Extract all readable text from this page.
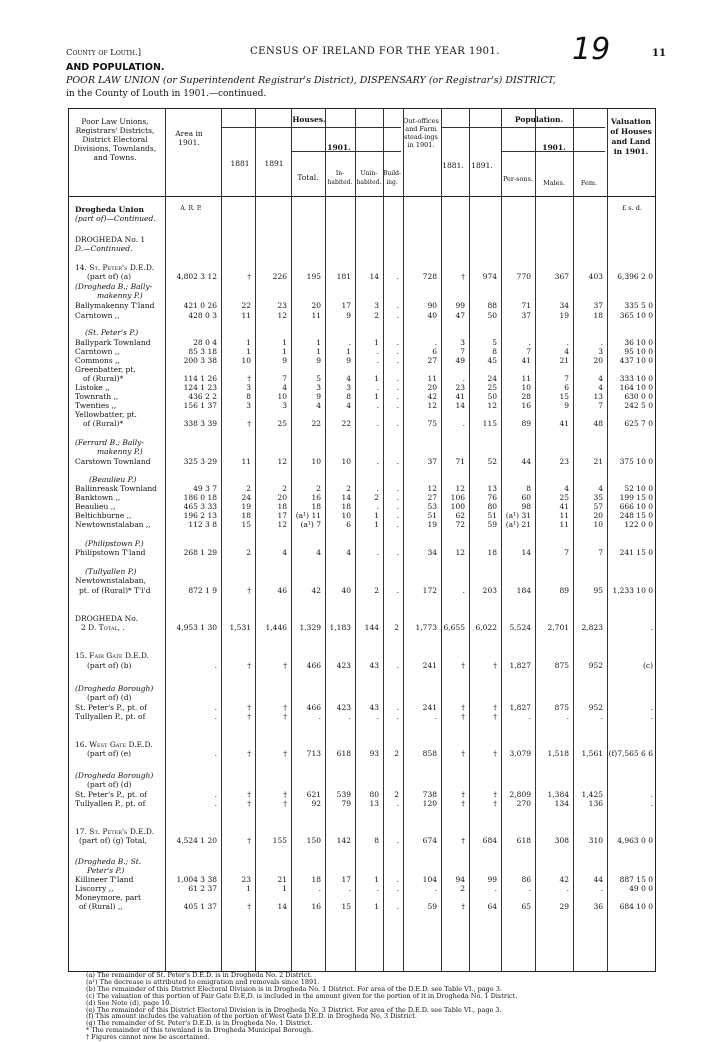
County of Louth.]	CENSUS OF IRELAND FOR THE YEAR 1901. 19	11
AND POPULATION.
POOR LAW UNION (or Superintendent Registrar's District), DISPENSARY (or Registrar's) DISTRICT,
in the County of Louth in 1901.—continued.
Poor Law Unions, Registrars' Districts, District Electoral Divisions, Townlands, and Towns.
Area in 1901.
Houses.
1881	1891
1901.
Total.	In-habited.
Unin-habited.
Build-ing.
Out-offices and Farm stead-ings in 1901.
Population.
1881.	1891.
1901.
Per-sons.	Males.	Fem.
Valuation of Houses and Land in 1901.
A. R. P.	£ s. d.
Drogheda Union
(part of)—Continued.
DROGHEDA No. 1
D.—Continued.
14. St. Peter's D.E.D.
(part of) (a)	4,802 3 12	†	226	195	181	14	.	728	†	974	770	367	403	6,396 2 0
(Drogheda B.; Bally-
makenny P.)
Ballymakenny T'land	421 0 26	22	23	20	17	3	.	90	99	88	71	34	37	335 5 0
Carntown ,,	428 0 3	11	12	11	9	2	.	40	47	50	37	19	18	365 10 0
(St. Peter's P.)
Ballypark Townland	28 0 4	1	1	1	.	1	.	.	3	5	.	.	.	36 10 0
Carntown ,,	85 3 18	1	1	1	1	.	.	6	7	8	7	4	3	95 10 0
Commons ,,	200 3 38	10	9	9	9	.	.	27	49	45	41	21	20	437 10 0
Greenbatter, pt.
of (Rural)*	114 1 26	†	7	5	4	1	.	11	.	24	11	7	4	333 10 0
Listoke ,,	124 1 23	3	4	3	3	.	.	20	23	25	10	6	4	164 10 0
Townrath ,,	436 2 2	8	10	9	8	1	.	42	41	50	28	15	13	630 0 0
Twenties ,,	156 1 37	3	3	4	4	.	.	12	14	12	16	9	7	242 5 0
Yellowbatter, pt.
of (Rural)*	338 3 39	†	25	22	22	.	.	75	.	115	89	41	48	625 7 0
(Ferrard B.; Bally-
makenny P.)
Carstown Townland	325 3 29	11	12	10	10	.	.	37	71	52	44	23	21	375 10 0
(Beaulieu P.)
Ballinreask Townland	49 3 7	2	2	2	2	.	.	12	12	13	8	4	4	52 10 0
Banktown ,,	186 0 18	24	20	16	14	2	.	27	106	76	60	25	35	199 15 0
Beaulieu ,,	465 3 33	19	18	18	18	.	.	53	100	80	98	41	57	666 10 0
Beltichburne ,,	196 2 13	18	17	(a¹) 11	10	1	.	51	62	51	(a¹) 31	11	20	248 15 0
Newtownstalaban ,,	112 3 8	15	12	(a¹) 7	6	1	.	19	72	59	(a¹) 21	11	10	122 0 0
(Philipstown P.)
Philipstown T'land	268 1 29	2	4	4	4	.	.	34	12	18	14	7	7	241 15 0
(Tullyallen P.)
Newtownstalaban,
pt. of (Rural)* T'l'd	872 1 9	†	46	42	40	2	.	172	.	203	184	89	95	1,233 10 0
DROGHEDA No.
2 D. Total, .	4,953 1 30	1,531	1,446	1,329	1,183	144	2	1,773 6,655	6,022	5,524	2,701	2,823	.
15. Fair Gate D.E.D.
(part of) (b)	.	†	†	466	423	43	.	241	†	†	1,827	875	952	(c)
(Drogheda Borough)
(part of) (d)
St. Peter's P., pt. of	.	†	†	466	423	43	.	241	†	†	1,827	875	952	.
Tullyallen P., pt. of	.	†	†	.	.	.	.	.	†	†	.	.	.	.
16. West Gate D.E.D.
(part of) (e)	.	†	†	713	618	93	2	858	†	†	3,079	1,518	1,561 (f)7,565 6 6
(Drogheda Borough)
(part of) (d)
St. Peter's P., pt. of	.	†	†	621	539	80	2	738	†	†	2,809	1,384	1,425	.
Tullyallen P., pt. of	.	†	†	92	79	13	.	120	†	†	270	134	136	.
17. St. Peter's D.E.D.
(part of) (g) Total,	4,524 1 20	†	155	150	142	8	.	674	†	684	618	308	310	4,963 0 0
(Drogheda B.; St.
Peter's P.)
Killineer T'land	1,004 3 38	23	21	18	17	1	.	104	94	99	86	42	44	887 15 0
Liscorry ,,	61 2 37	1	1	.	.	.	.	.	2	.	.	.	.	49 0 0
Moneymore, part
of (Rural) ,,	405 1 37	†	14	16	15	1	.	59	†	64	65	29	36	684 10 0
(a) The remainder of St. Peter's D.E.D. is in Drogheda No. 2 District.
(a¹) The decrease is attributed to emigration and removals since 1891.
(b) The remainder of this District Electoral Division is in Drogheda No. 1 District. For area of the D.E.D. see Table VI., page 3.
(c) The valuation of this portion of Fair Gate D.E.D. is included in the amount given for the portion of it in Drogheda No. 1 District.
(d) See Note (d), page 10.
(e) The remainder of this District Electoral Division is in Drogheda No. 3 District. For area of the D.E.D. see Table VI., page 3.
(f) This amount includes the valuation of the portion of West Gate D.E.D. in Drogheda No. 3 District.
(g) The remainder of St. Peter's D.E.D. is in Drogheda No. 1 District.
* The remainder of this townland is in Drogheda Municipal Borough.
† Figures cannot now be ascertained.
